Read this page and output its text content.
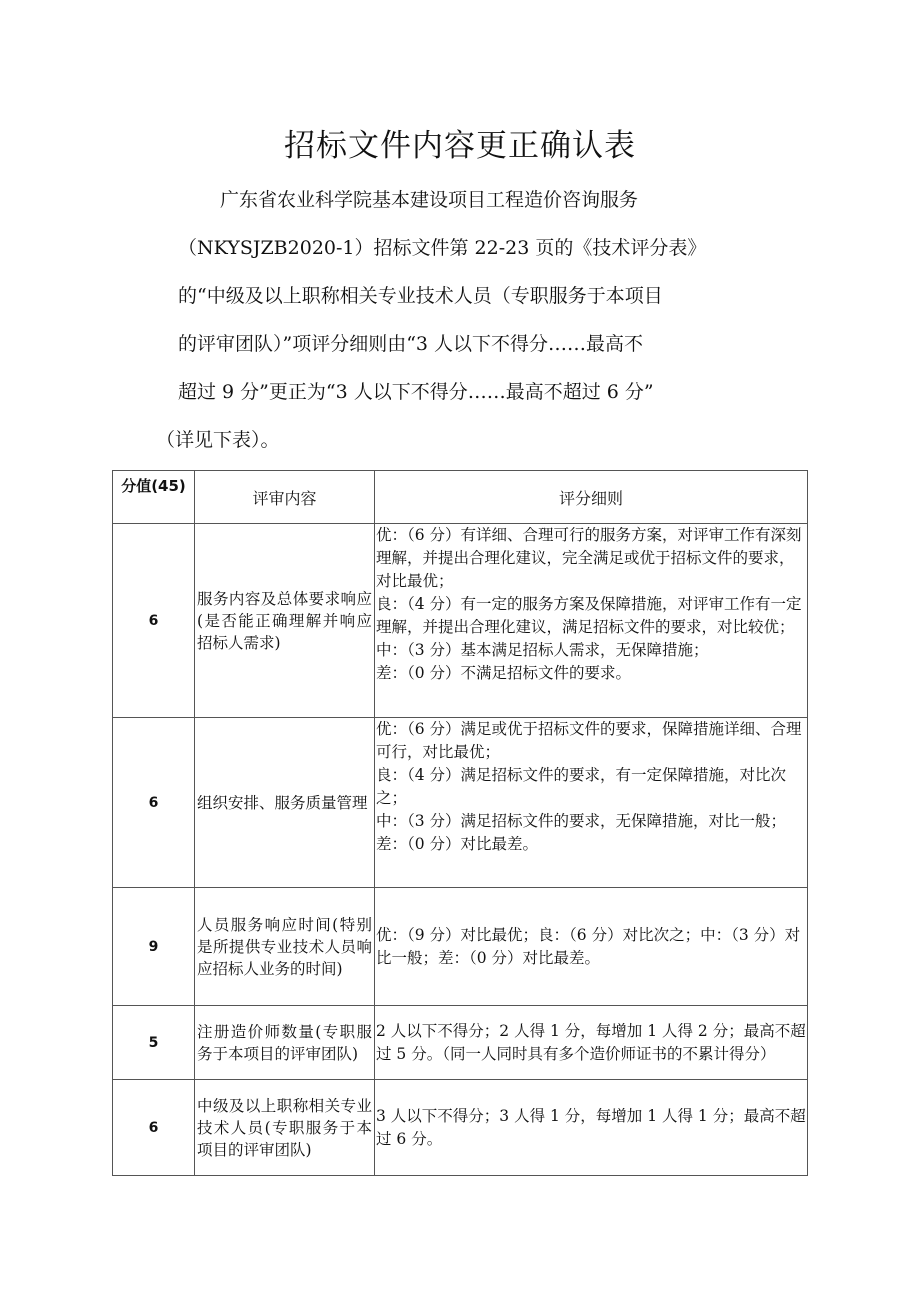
招标文件内容更正确认表

广东省农业科学院基本建设项目工程造价咨询服务

（NKYSJZB2020-1）招标文件第 22-23 页的《技术评分表》

的“中级及以上职称相关专业技术人员（专职服务于本项目

的评审团队）”项评分细则由“3 人以下不得分……最高不

超过 9 分”更正为“3 人以下不得分……最高不超过 6 分”

（详见下表）。

分值(45)	评审内容	评分细则
6	服务内容及总体要求响应(是否能正确理解并响应招标人需求)	优：（6 分）有详细、合理可行的服务方案，对评审工作有深刻理解，并提出合理化建议，完全满足或优于招标文件的要求，对比最优；
良：（4 分）有一定的服务方案及保障措施，对评审工作有一定理解，并提出合理化建议，满足招标文件的要求，对比较优；
中：（3 分）基本满足招标人需求，无保障措施；
差：（0 分）不满足招标文件的要求。

6	组织安排、服务质量管理	优：（6 分）满足或优于招标文件的要求，保障措施详细、合理可行，对比最优；
良：（4 分）满足招标文件的要求，有一定保障措施，对比次之；
中：（3 分）满足招标文件的要求，无保障措施，对比一般；
差：（0 分）对比最差。

9	人员服务响应时间(特别是所提供专业技术人员响应招标人业务的时间)	优：（9 分）对比最优；良：（6 分）对比次之；中：（3 分）对比一般；差：（0 分）对比最差。

5	注册造价师数量(专职服务于本项目的评审团队)	2 人以下不得分；2 人得 1 分，每增加 1 人得 2 分；最高不超过 5 分。（同一人同时具有多个造价师证书的不累计得分）

6	中级及以上职称相关专业技术人员(专职服务于本项目的评审团队)	3 人以下不得分；3 人得 1 分，每增加 1 人得 1 分；最高不超过 6 分。
